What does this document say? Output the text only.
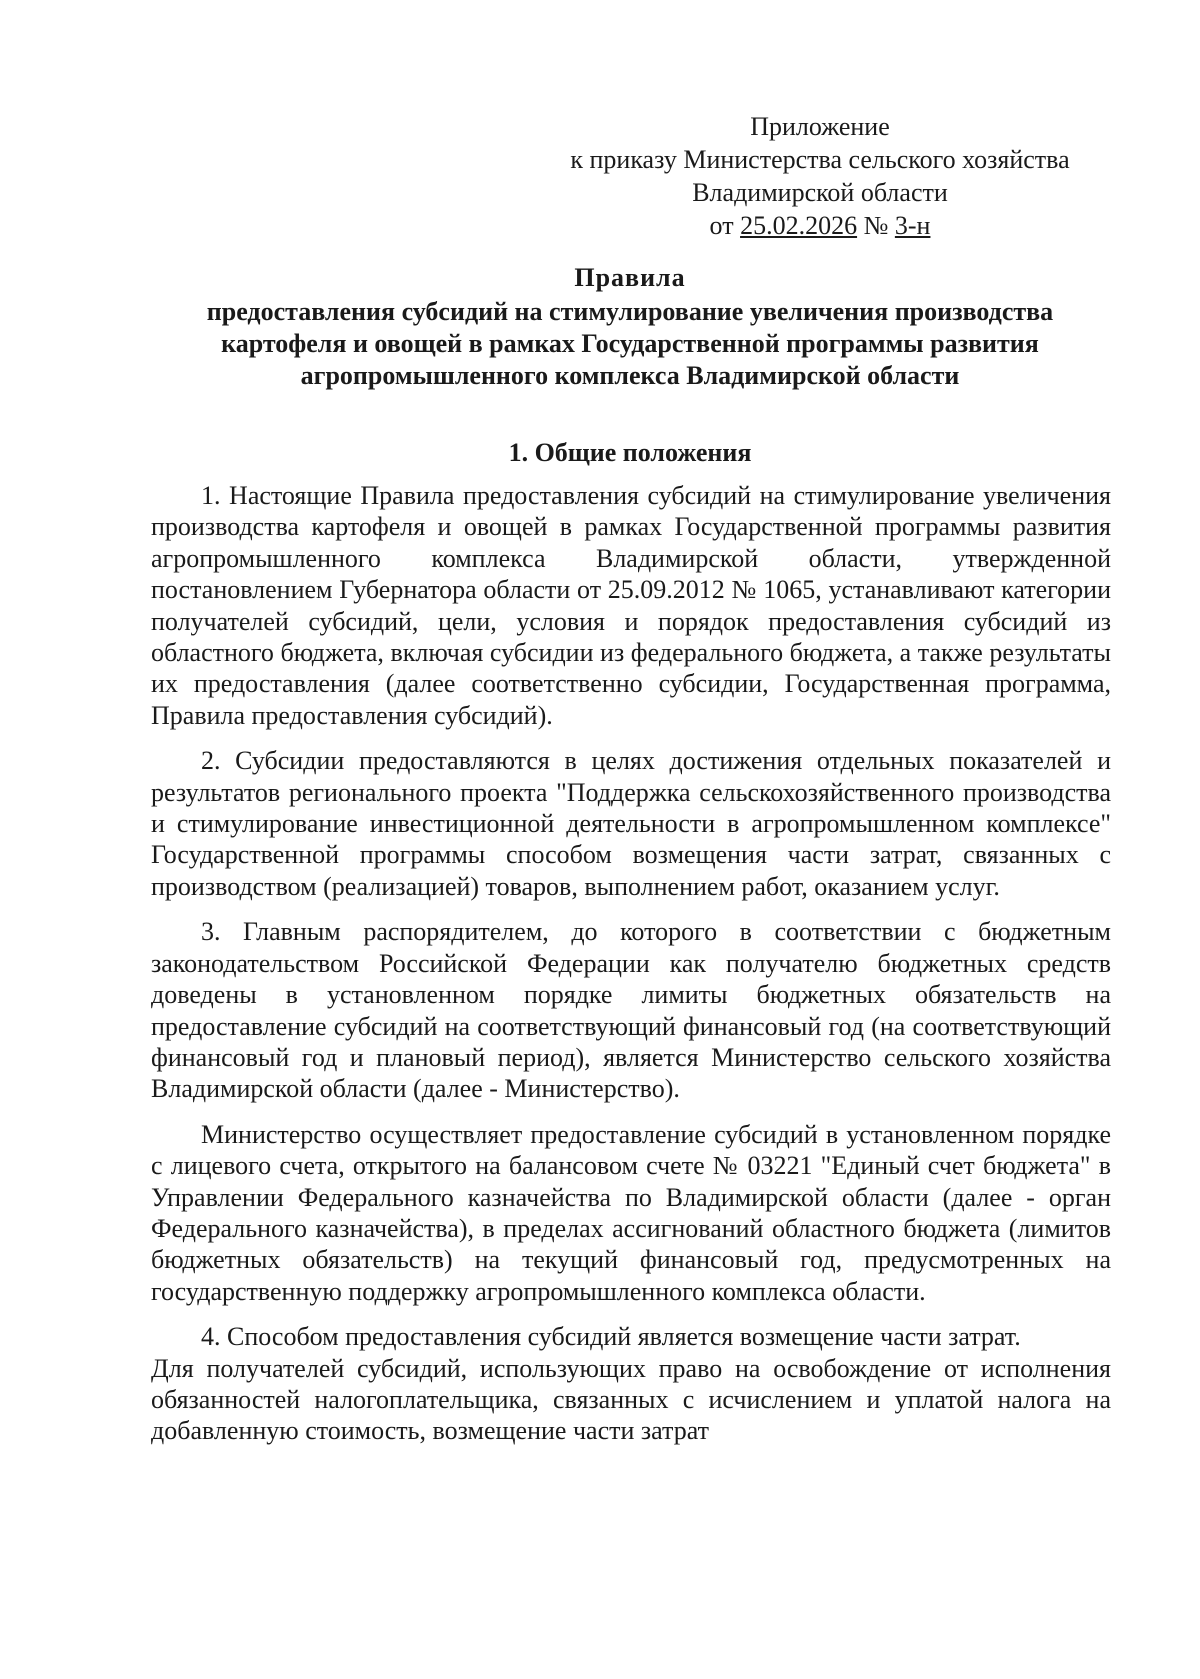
Приложение
к приказу Министерства сельского хозяйства
Владимирской области
от 25.02.2026 № 3-н
Правила
предоставления субсидий на стимулирование увеличения производства
картофеля и овощей в рамках Государственной программы развития
агропромышленного комплекса Владимирской области
1. Общие положения

1. Настоящие Правила предоставления субсидий на стимулирование увеличения производства картофеля и овощей в рамках Государственной программы развития агропромышленного комплекса Владимирской области, утвержденной постановлением Губернатора области от 25.09.2012 № 1065, устанавливают категории получателей субсидий, цели, условия и порядок предоставления субсидий из областного бюджета, включая субсидии из федерального бюджета, а также результаты их предоставления (далее соответственно субсидии, Государственная программа, Правила предоставления субсидий).

2. Субсидии предоставляются в целях достижения отдельных показателей и результатов регионального проекта "Поддержка сельскохозяйственного производства и стимулирование инвестиционной деятельности в агропромышленном комплексе" Государственной программы способом возмещения части затрат, связанных с производством (реализацией) товаров, выполнением работ, оказанием услуг.

3. Главным распорядителем, до которого в соответствии с бюджетным законодательством Российской Федерации как получателю бюджетных средств доведены в установленном порядке лимиты бюджетных обязательств на предоставление субсидий на соответствующий финансовый год (на соответствующий финансовый год и плановый период), является Министерство сельского хозяйства Владимирской области (далее - Министерство).

Министерство осуществляет предоставление субсидий в установленном порядке с лицевого счета, открытого на балансовом счете № 03221 "Единый счет бюджета" в Управлении Федерального казначейства по Владимирской области (далее - орган Федерального казначейства), в пределах ассигнований областного бюджета (лимитов бюджетных обязательств) на текущий финансовый год, предусмотренных на государственную поддержку агропромышленного комплекса области.

4. Способом предоставления субсидий является возмещение части затрат.

Для получателей субсидий, использующих право на освобождение от исполнения обязанностей налогоплательщика, связанных с исчислением и уплатой налога на добавленную стоимость, возмещение части затрат
